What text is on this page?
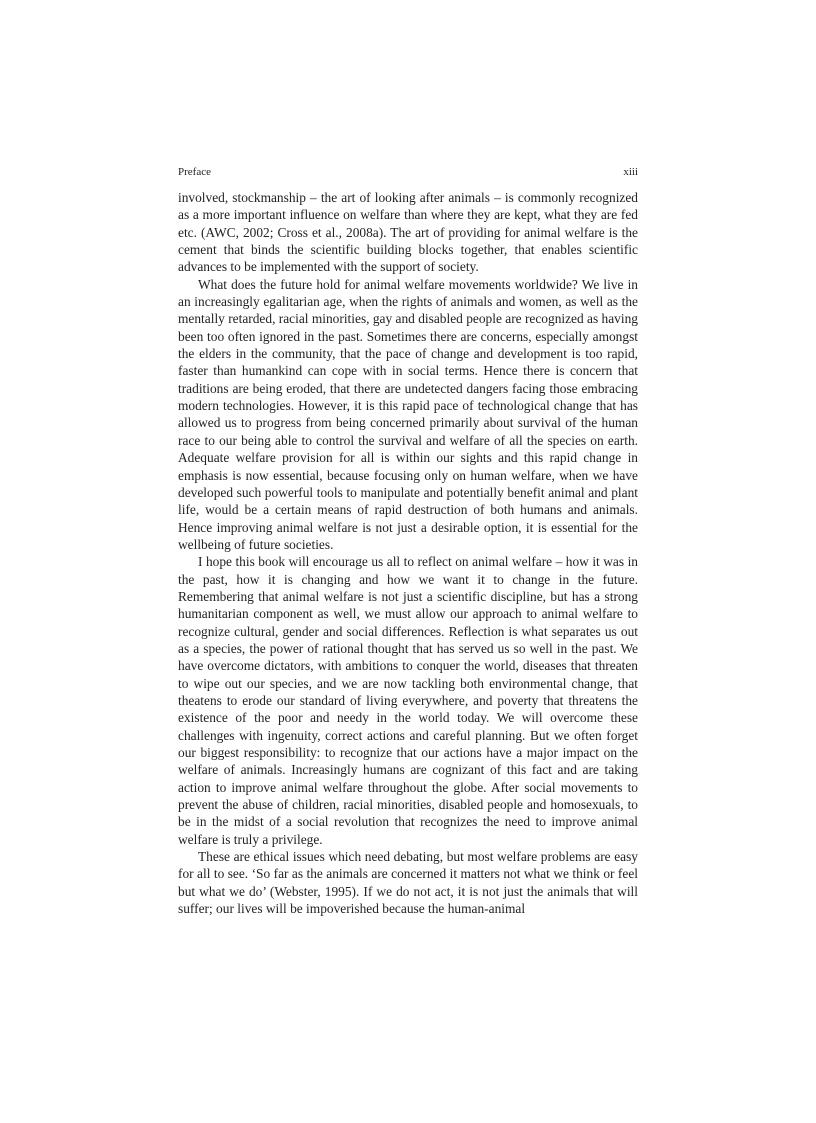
Preface	xiii

involved, stockmanship – the art of looking after animals – is commonly recognized as a more important influence on welfare than where they are kept, what they are fed etc. (AWC, 2002; Cross et al., 2008a). The art of providing for animal welfare is the cement that binds the scientific building blocks together, that enables scientific advances to be implemented with the support of society.

What does the future hold for animal welfare movements worldwide? We live in an increasingly egalitarian age, when the rights of animals and women, as well as the mentally retarded, racial minorities, gay and disabled people are recognized as having been too often ignored in the past. Sometimes there are concerns, especially amongst the elders in the community, that the pace of change and development is too rapid, faster than humankind can cope with in social terms. Hence there is concern that traditions are being eroded, that there are undetected dangers facing those embracing modern technologies. However, it is this rapid pace of technological change that has allowed us to progress from being concerned primarily about survival of the human race to our being able to control the survival and welfare of all the species on earth. Adequate welfare provision for all is within our sights and this rapid change in emphasis is now essential, because focusing only on human welfare, when we have developed such powerful tools to manipulate and potentially benefit animal and plant life, would be a certain means of rapid destruction of both humans and animals. Hence improving animal welfare is not just a desirable option, it is essential for the wellbeing of future societies.

I hope this book will encourage us all to reflect on animal welfare – how it was in the past, how it is changing and how we want it to change in the future. Remembering that animal welfare is not just a scientific discipline, but has a strong humanitarian component as well, we must allow our approach to animal welfare to recognize cultural, gender and social differences. Reflection is what separates us out as a species, the power of rational thought that has served us so well in the past. We have overcome dictators, with ambitions to conquer the world, diseases that threaten to wipe out our species, and we are now tackling both environmental change, that theatens to erode our standard of living everywhere, and poverty that threatens the existence of the poor and needy in the world today. We will overcome these challenges with ingenuity, correct actions and careful planning. But we often forget our biggest responsibility: to recognize that our actions have a major impact on the welfare of animals. Increasingly humans are cognizant of this fact and are taking action to improve animal welfare throughout the globe. After social movements to prevent the abuse of children, racial minorities, disabled people and homosexuals, to be in the midst of a social revolution that recognizes the need to improve animal welfare is truly a privilege.

These are ethical issues which need debating, but most welfare problems are easy for all to see. ‘So far as the animals are concerned it matters not what we think or feel but what we do’ (Webster, 1995). If we do not act, it is not just the animals that will suffer; our lives will be impoverished because the human-animal
